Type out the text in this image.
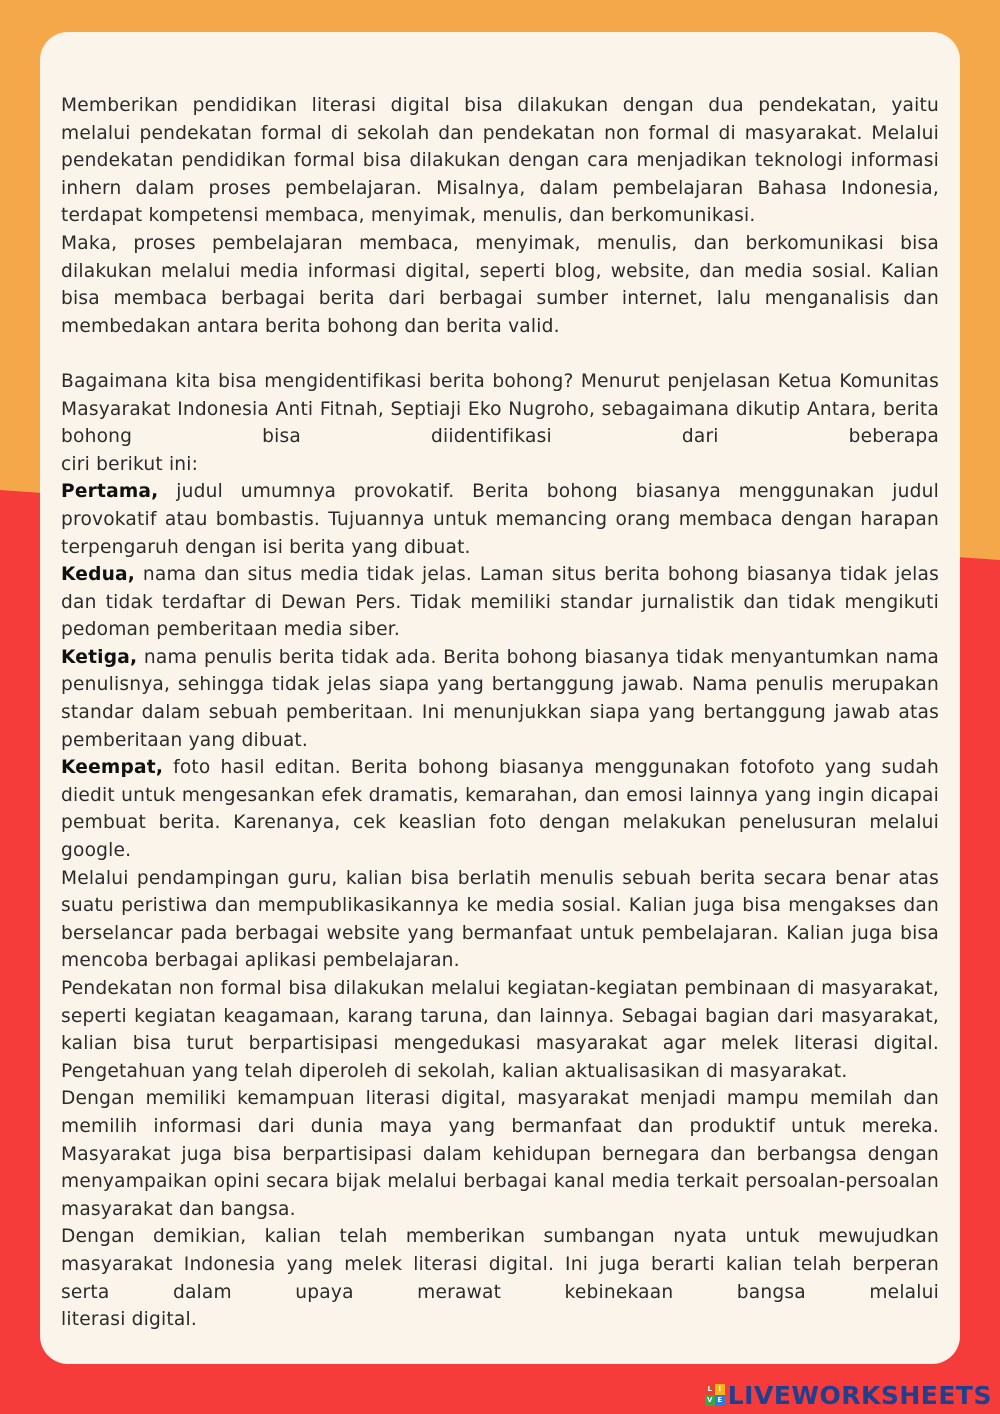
Memberikan pendidikan literasi digital bisa dilakukan dengan dua pendekatan, yaitu melalui pendekatan formal di sekolah dan pendekatan non formal di masyarakat. Melalui pendekatan pendidikan formal bisa dilakukan dengan cara menjadikan teknologi informasi inhern dalam proses pembelajaran. Misalnya, dalam pembelajaran Bahasa Indonesia, terdapat kompetensi membaca, menyimak, menulis, dan berkomunikasi.

Maka, proses pembelajaran membaca, menyimak, menulis, dan berkomunikasi bisa dilakukan melalui media informasi digital, seperti blog, website, dan media sosial. Kalian bisa membaca berbagai berita dari berbagai sumber internet, lalu menganalisis dan membedakan antara berita bohong dan berita valid.

Bagaimana kita bisa mengidentifikasi berita bohong? Menurut penjelasan Ketua Komunitas Masyarakat Indonesia Anti Fitnah, Septiaji Eko Nugroho, sebagaimana dikutip Antara, berita bohong bisa diidentifikasi dari beberapa

ciri berikut ini:

Pertama, judul umumnya provokatif. Berita bohong biasanya menggunakan judul provokatif atau bombastis. Tujuannya untuk memancing orang membaca dengan harapan terpengaruh dengan isi berita yang dibuat.

Kedua, nama dan situs media tidak jelas. Laman situs berita bohong biasanya tidak jelas dan tidak terdaftar di Dewan Pers. Tidak memiliki standar jurnalistik dan tidak mengikuti pedoman pemberitaan media siber.

Ketiga, nama penulis berita tidak ada. Berita bohong biasanya tidak menyantumkan nama penulisnya, sehingga tidak jelas siapa yang bertanggung jawab. Nama penulis merupakan standar dalam sebuah pemberitaan. Ini menunjukkan siapa yang bertanggung jawab atas pemberitaan yang dibuat.

Keempat, foto hasil editan. Berita bohong biasanya menggunakan fotofoto yang sudah diedit untuk mengesankan efek dramatis, kemarahan, dan emosi lainnya yang ingin dicapai pembuat berita. Karenanya, cek keaslian foto dengan melakukan penelusuran melalui google.

Melalui pendampingan guru, kalian bisa berlatih menulis sebuah berita secara benar atas suatu peristiwa dan mempublikasikannya ke media sosial. Kalian juga bisa mengakses dan berselancar pada berbagai website yang bermanfaat untuk pembelajaran. Kalian juga bisa mencoba berbagai aplikasi pembelajaran.

Pendekatan non formal bisa dilakukan melalui kegiatan-kegiatan pembinaan di masyarakat, seperti kegiatan keagamaan, karang taruna, dan lainnya. Sebagai bagian dari masyarakat, kalian bisa turut berpartisipasi mengedukasi masyarakat agar melek literasi digital. Pengetahuan yang telah diperoleh di sekolah, kalian aktualisasikan di masyarakat.

Dengan memiliki kemampuan literasi digital, masyarakat menjadi mampu memilah dan memilih informasi dari dunia maya yang bermanfaat dan produktif untuk mereka. Masyarakat juga bisa berpartisipasi dalam kehidupan bernegara dan berbangsa dengan menyampaikan opini secara bijak melalui berbagai kanal media terkait persoalan-persoalan masyarakat dan bangsa.

Dengan demikian, kalian telah memberikan sumbangan nyata untuk mewujudkan masyarakat Indonesia yang melek literasi digital. Ini juga berarti kalian telah berperan serta dalam upaya merawat kebinekaan bangsa melalui

literasi digital.

L I
V E LIVEWORKSHEETS
